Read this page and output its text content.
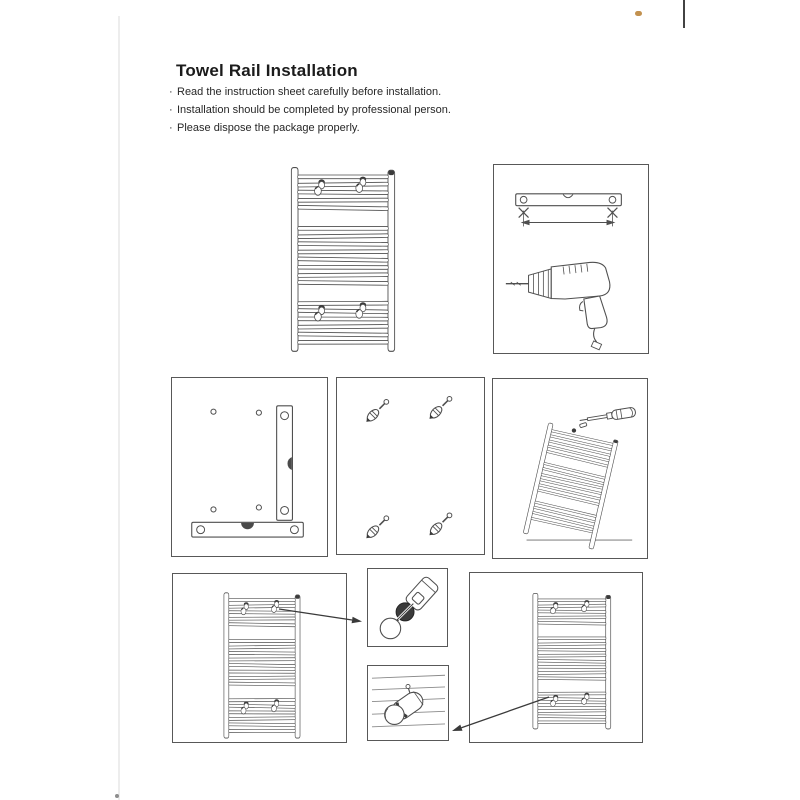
Towel Rail Installation
· Read the instruction sheet carefully before installation.
· Installation should be completed by professional person.
· Please dispose the package properly.
